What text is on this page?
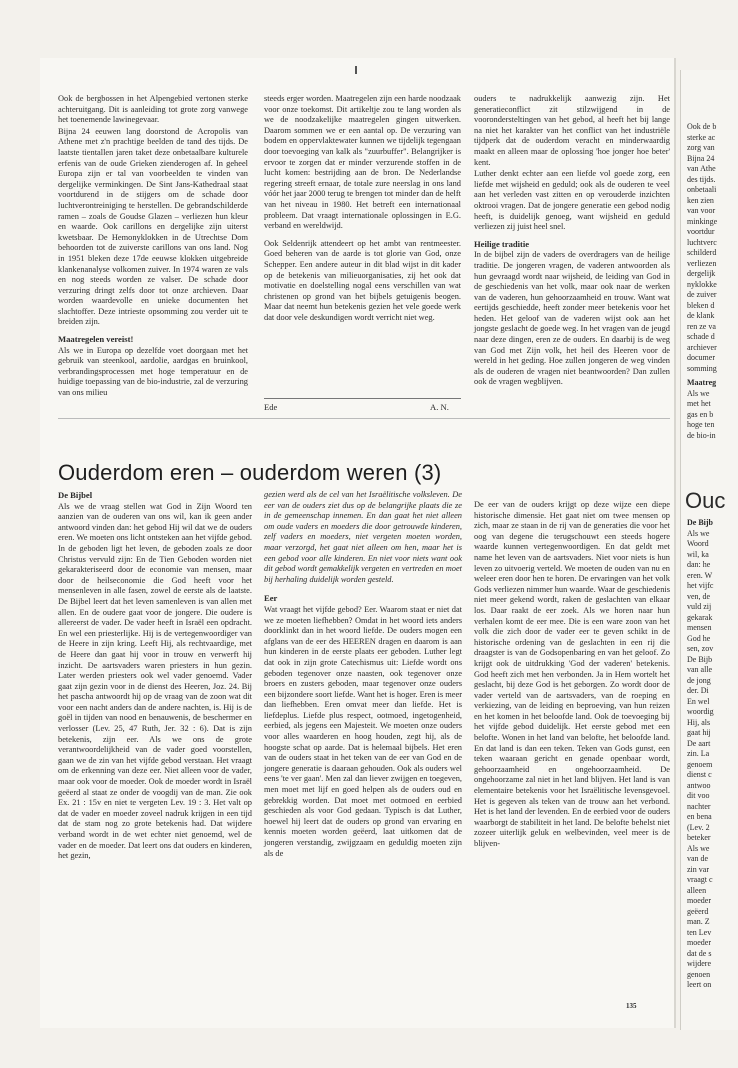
Ook de bergbossen in het Alpengebied vertonen sterke achteruitgang. Dit is aanleiding tot grote zorg vanwege het toenemende lawinegevaar.

Bijna 24 eeuwen lang doorstond de Acropolis van Athene met z'n prachtige beelden de tand des tijds. De laatste tientallen jaren taket deze onbetaalbare kulturele erfenis van de oude Grieken zienderogen af. In geheel Europa zijn er tal van voorbeelden te vinden van dergelijke verminkingen. De Sint Jans-Kathedraal staat voortdurend in de stijgers om de schade door luchtverontreiniging te herstellen. De gebrandschilderde ramen – zoals de Goudse Glazen – verliezen hun kleur en waarde. Ook carillons en dergelijke zijn uiterst kwetsbaar. De Hemonyklokken in de Utrechtse Dom behoorden tot de zuiverste carillons van ons land. Nog in 1951 bleken deze 17de eeuwse klokken uitgebreide klankenanalyse volkomen zuiver. In 1974 waren ze vals en nog steeds worden ze valser. De schade door verzuring dringt zelfs door tot onze archieven. Daar worden waardevolle en unieke documenten het slachtoffer. Deze intrieste opsomming zou verder uit te breiden zijn.

Maatregelen vereist!

Als we in Europa op dezelfde voet doorgaan met het gebruik van steenkool, aardolie, aardgas en bruinkool, verbrandingsprocessen met hoge temperatuur en de huidige toepassing van de bio-industrie, zal de verzuring van ons milieu

steeds erger worden. Maatregelen zijn een harde noodzaak voor onze toekomst. Dit artikeltje zou te lang worden als we de noodzakelijke maatregelen gingen uitwerken. Daarom sommen we er een aantal op. De verzuring van bodem en oppervlaktewater kunnen we tijdelijk tegengaan door toevoeging van kalk als "zuurbuffer". Belangrijker is ervoor te zorgen dat er minder verzurende stoffen in de lucht komen: bestrijding aan de bron. De Nederlandse regering streeft ernaar, de totale zure neerslag in ons land vóór het jaar 2000 terug te brengen tot minder dan de helft van het niveau in 1980. Het betreft een internationaal probleem. Dat vraagt internationale oplossingen in E.G. verband en wereldwijd.

Ook Seldenrijk attendeert op het ambt van rentmeester. Goed beheren van de aarde is tot glorie van God, onze Schepper. Een andere auteur in dit blad wijst in dit kader op de betekenis van milieuorganisaties, zij het ook dat motivatie en doelstelling nogal eens verschillen van wat christenen op grond van het bijbels getuigenis beogen. Maar dat neemt hun betekenis gezien het vele goede werk dat door vele deskundigen wordt verricht niet weg.

Ede	A. N.

ouders te nadrukkelijk aanwezig zijn. Het generatieconflict zit stilzwijgend in de voorondersteltingen van het gebod, al heeft het bij lange na niet het karakter van het conflict van het industriële tijdperk dat de ouderdom veracht en minderwaardig maakt en alleen maar de oplossing 'hoe jonger hoe beter' kent.

Luther denkt echter aan een liefde vol goede zorg, een liefde met wijsheid en geduld; ook als de ouderen te veel aan het verleden vast zitten en op verouderde inzichten oktrooi vragen. Dat de jongere generatie een gebod nodig heeft, is duidelijk genoeg, want wijsheid en geduld verliezen zij juist heel snel.

Heilige traditie

In de bijbel zijn de vaders de overdragers van de heilige traditie. De jongeren vragen, de vaderen antwoorden als hun gevraagd wordt naar wijsheid, de leiding van God in de geschiedenis van het volk, maar ook naar de werken van de vaderen, hun gehoorzaamheid en trouw. Want wat eertijds geschiedde, heeft zonder meer betekenis voor het heden. Het geloof van de vaderen wijst ook aan het jongste geslacht de goede weg. In het vragen van de jeugd naar deze dingen, eren ze de ouders. En daarbij is de weg van God met Zijn volk, het heil des Heeren voor de wereld in het geding. Hoe zullen jongeren de weg vinden als de ouderen de vragen niet beantwoorden? Dan zullen ook de vragen wegblijven.

Ouderdom eren – ouderdom weren (3)
De Bijbel

Als we de vraag stellen wat God in Zijn Woord ten aanzien van de ouderen van ons wil, kan ik geen ander antwoord vinden dan: het gebod Hij wil dat we de ouders eren. We moeten ons licht ontsteken aan het vijfde gebod. In de geboden ligt het leven, de geboden zoals ze door Christus vervuld zijn: En de Tien Geboden worden niet gekarakteriseerd door de economie van mensen, maar door de heilseconomie die God heeft voor het mensenleven in alle fasen, zowel de eerste als de laatste. De Bijbel leert dat het leven samenleven is van allen met allen. En de oudere gaat voor de jongere. Die oudere is allereerst de vader. De vader heeft in Israël een opdracht. En wel een priesterlijke. Hij is de vertegenwoordiger van de Heere in zijn kring. Leeft Hij, als rechtvaardige, met de Heere dan gaat hij voor in trouw en verwerft hij inzicht. De aartsvaders waren priesters in hun gezin. Later werden priesters ook wel vader genoemd. Vader gaat zijn gezin voor in de dienst des Heeren, Joz. 24. Bij het pascha antwoordt hij op de vraag van de zoon wat dit voor een nacht anders dan de andere nachten, is. Hij is de goël in tijden van nood en benauwenis, de beschermer en verlosser (Lev. 25, 47 Ruth, Jer. 32 : 6). Dat is zijn betekenis, zijn eer. Als we ons de grote verantwoordelijkheid van de vader goed voorstellen, gaan we de zin van het vijfde gebod verstaan. Het vraagt om de erkenning van deze eer. Niet alleen voor de vader, maar ook voor de moeder. Ook de moeder wordt in Israël geëerd al staat ze onder de voogdij van de man. Zie ook Ex. 21 : 15v en niet te vergeten Lev. 19 : 3. Het valt op dat de vader en moeder zoveel nadruk krijgen in een tijd dat de stam nog zo grote betekenis had. Dat wijdere verband wordt in de wet echter niet genoemd, wel de vader en de moeder. Dat leert ons dat ouders en kinderen, het gezin,

gezien werd als de cel van het Israëlitische volksleven. De eer van de ouders ziet dus op de belangrijke plaats die ze in de gemeenschap innemen. En dan gaat het niet alleen om oude vaders en moeders die door getrouwde kinderen, zelf vaders en moeders, niet vergeten moeten worden, maar verzorgd, het gaat niet alleen om hen, maar het is een gebod voor alle kinderen. En niet voor niets want ook dit gebod wordt gemakkelijk vergeten en vertreden en moet bij herhaling duidelijk worden gesteld.

Eer

Wat vraagt het vijfde gebod? Eer. Waarom staat er niet dat we ze moeten liefhebben? Omdat in het woord iets anders doorklinkt dan in het woord liefde. De ouders mogen een afglans van de eer des HEEREN dragen en daarom is aan hun kinderen in de eerste plaats eer geboden. Luther legt dat ook in zijn grote Catechismus uit: Liefde wordt ons geboden tegenover onze naasten, ook tegenover onze broers en zusters geboden, maar tegenover onze ouders een bijzondere soort liefde. Want het is hoger. Eren is meer dan liefhebben. Eren omvat meer dan liefde. Het is liefdeplus. Liefde plus respect, ootmoed, ingetogenheid, eerbied, als jegens een Majesteit. We moeten onze ouders voor alles waarderen en hoog houden, zegt hij, als de hoogste schat op aarde. Dat is helemaal bijbels. Het eren van de ouders staat in het teken van de eer van God en de jongere generatie is daaraan gehouden. Ook als ouders wel eens 'te ver gaan'. Men zal dan liever zwijgen en toegeven, men moet met lijf en goed helpen als de ouders oud en gebrekkig worden. Dat moet met ootmoed en eerbied geschieden als voor God gedaan. Typisch is dat Luther, hoewel hij leert dat de ouders op grond van ervaring en kennis moeten worden geëerd, laat uitkomen dat de jongeren verstandig, zwijgzaam en geduldig moeten zijn als de

De eer van de ouders krijgt op deze wijze een diepe historische dimensie. Het gaat niet om twee mensen op zich, maar ze staan in de rij van de generaties die voor het oog van degene die terugschouwt een steeds hogere waarde kunnen vertegenwoordigen. En dat geldt met name het leven van de aartsvaders. Niet voor niets is hun leven zo uitvoerig verteld. We moeten de ouden van nu en weleer eren door hen te horen. De ervaringen van het volk Gods verliezen nimmer hun waarde. Waar de geschiedenis niet meer gekend wordt, raken de geslachten van elkaar los. Daar raakt de eer zoek. Als we horen naar hun verhalen komt de eer mee. Die is een ware zoon van het volk die zich door de vader eer te geven schikt in de historische ordening van de geslachten in een rij die draagster is van de Godsopenbaring en van het geloof. Zo krijgt ook de uitdrukking 'God der vaderen' betekenis. God heeft zich met hen verbonden. Ja in Hem wortelt het geslacht, bij deze God is het geborgen. Zo wordt door de vader verteld van de aartsvaders, van de roeping en verkiezing, van de leiding en beproeving, van hun reizen en het komen in het beloofde land. Ook de toevoeging bij het vijfde gebod duidelijk. Het eerste gebod met een belofte. Wonen in het land van belofte, het beloofde land. En dat land is dan een teken. Teken van Gods gunst, een teken waaraan gericht en genade openbaar wordt, gehoorzaamheid en ongehoorzaamheid. De ongehoorzame zal niet in het land blijven. Het land is van elementaire betekenis voor het Israëlitische levensgevoel. Het is gegeven als teken van de trouw aan het verbond. Het is het land der levenden. En de eerbied voor de ouders waarborgt de stabiliteit in het land. De belofte behelst niet zozeer uiterlijk geluk en welbevinden, veel meer is de blijven-

135

Ook de b

sterke ac

zorg van

Bijna 24

van Athe

des tijds.

onbetaali

ken zien

van voor

minkinge

voortdur

luchtverc

schilderd

verliezen

dergelijk

nyklokke

de zuiver

bleken d

de klank

ren ze va

schade d

archiever

documer

somming

Maatreg

Als we

met het

gas en b

hoge ten

de bio-in

Ouc

De Bijb

Als we

Woord

wil, ka

dan: he

eren. W

het vijfc

ven, de

vuld zij

gekarak

mensen

God he

sen, zov

De Bijb

van alle

de jong

der. Di

En wel

woordig

Hij, als

gaat hij

De aart

zin. La

genoem

dienst c

antwoo

dit voo

nachter

en bena

(Lev. 2

beteker

Als we

van de

zin var

vraagt c

alleen

moeder

geëerd

man. Z

ten Lev

moeder

dat de s

wijdere

genoen

leert on
